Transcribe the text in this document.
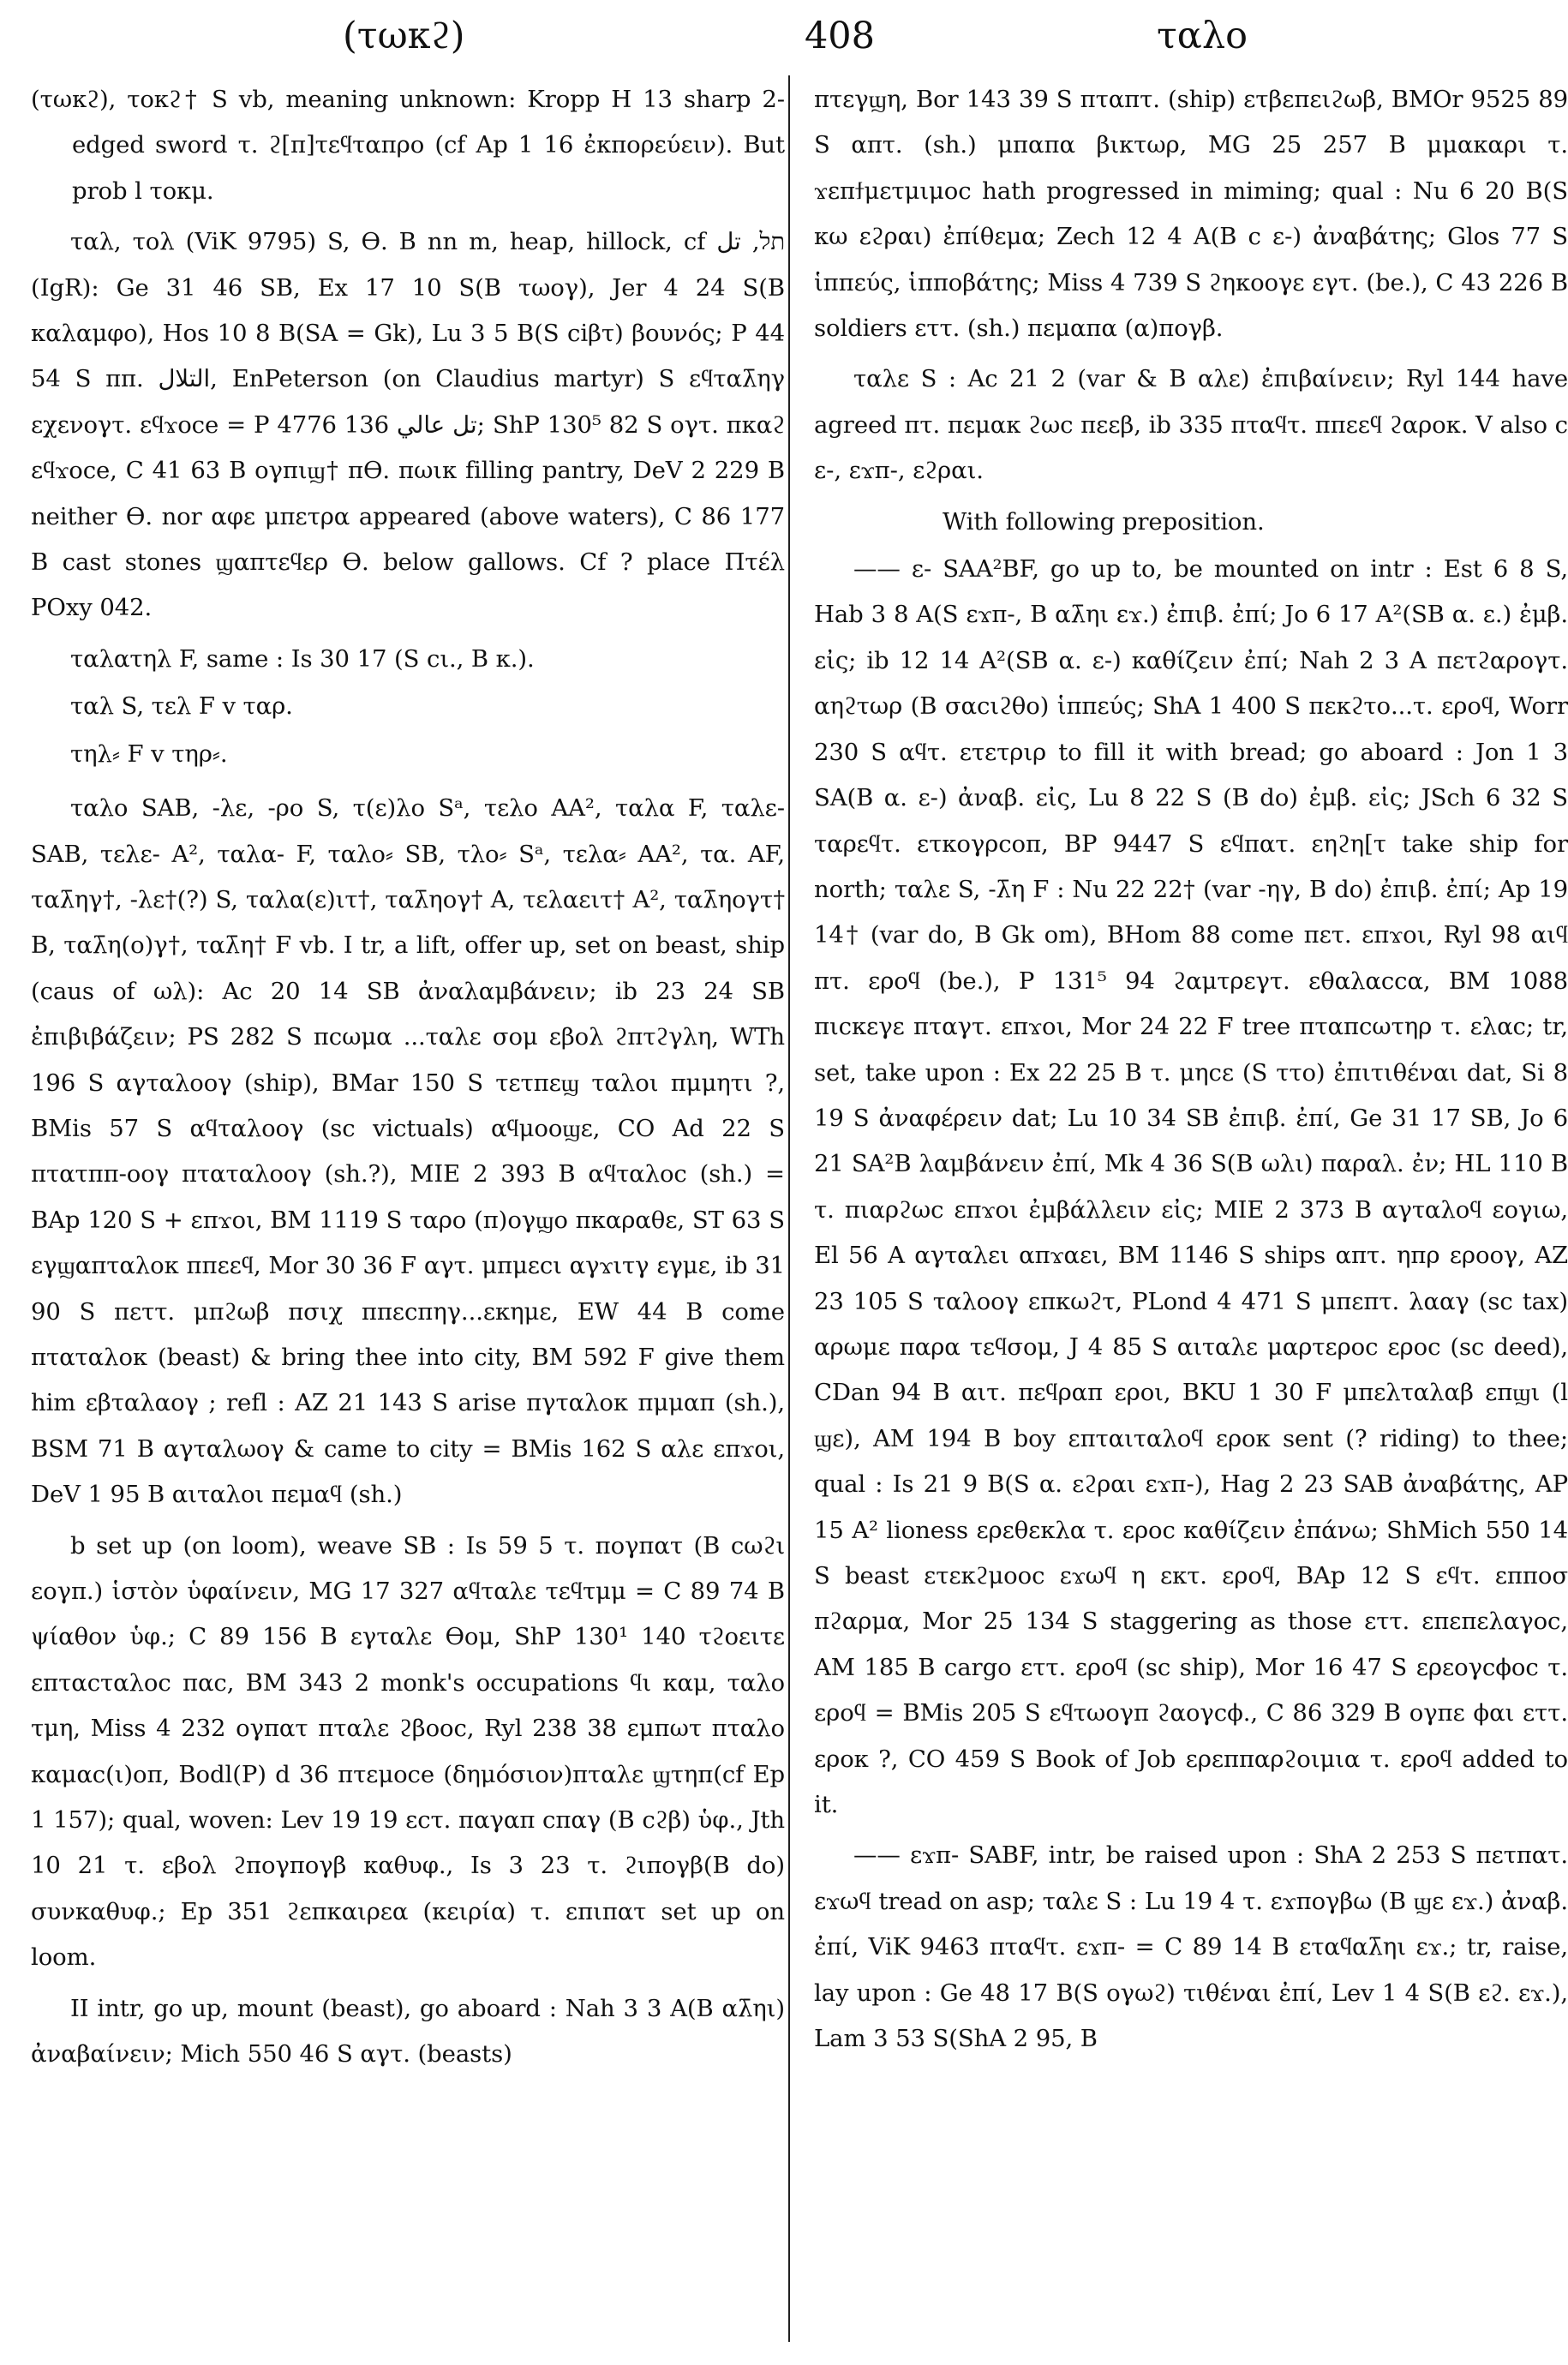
(τωκϩ)	408	ταλο

(τωκϩ), τοκϩ† S vb, meaning unknown: Kropp H 13 sharp 2-edged sword τ. ϩ[π]τεϥταπρο (cf Ap 1 16 ἐκπορεύειν). But prob l τοκμ.

ταλ, τολ (ViK 9795) S, ϴ. B nn m, heap, hillock, cf תל, تل (IgR): Ge 31 46 SB, Ex 17 10 S(B τωογ), Jer 4 24 S(B καλαμφο), Hos 10 8 B(SA = Gk), Lu 3 5 B(S ciβτ) βουνός; P 44 54 S ππ. التلال, EnPeterson (on Claudius martyr) S εϥταλ̄ηγ εχενογτ. εϥϫοce = P 4776 136 تل عالي; ShP 130⁵ 82 S ογτ. πκαϩ εϥϫοce, C 41 63 B ογπιϣ† πϴ. πωικ filling pantry, DeV 2 229 B neither ϴ. nor αφε μπετρα appeared (above waters), C 86 177 B cast stones ϣαπτεϥερ ϴ. below gallows. Cf ? place Πτέλ POxy 042.

ταλατηλ F, same : Is 30 17 (S cι., B κ.).

ταλ S, τελ F v ταρ.

τηλ⸗ F v τηρ⸗.

ταλο SAB, -λε, -ρο S, τ(ε)λο Sᵃ, τελο AA², ταλα F, ταλε- SAB, τελε- A², ταλα- F, ταλο⸗ SB, τλο⸗ Sᵃ, τελα⸗ AA², τα. AF, ταλ̄ηγ†, -λε†(?) S, ταλα(ε)ιτ†, ταλ̄ηογ† A, τελαειτ† A², ταλ̄ηογτ† B, ταλ̄η(ο)γ†, ταλ̄η† F vb. I tr, a lift, offer up, set on beast, ship (caus of ωλ): Ac 20 14 SB ἀναλαμβάνειν; ib 23 24 SB ἐπιβιβάζειν; PS 282 S πcωμα ...ταλε σομ εβολ ϩπτϩγλη, WTh 196 S αγταλοογ (ship), BMar 150 S τετπεϣ ταλοι πμμητι ?, BMis 57 S αϥταλοογ (sc victuals) αϥμοοϣε, CO Ad 22 S πτατππ-οογ πταταλοογ (sh.?), MIE 2 393 B αϥταλοc (sh.) = BAp 120 S + επϫοι, BM 1119 S ταρο (π)ογϣο πκαραθε, ST 63 S εγϣαπταλοκ ππεεϥ, Mor 30 36 F αγτ. μπμεcι αγϫιτγ εγμε, ib 31 90 S πεττ. μπϩωβ πσιχ ππεcπηγ...εκημε, EW 44 B come πταταλοκ (beast) & bring thee into city, BM 592 F give them him εβταλαογ ; refl : AZ 21 143 S arise πγταλοκ πμμαπ (sh.), BSM 71 B αγταλωογ & came to city = BMis 162 S αλε επϫοι, DeV 1 95 B αιταλοι πεμαϥ (sh.)

b set up (on loom), weave SB : Is 59 5 τ. πογπατ (B cωϩι εογπ.) ἱστὸν ὑφαίνειν, MG 17 327 αϥταλε τεϥτμμ = C 89 74 B ψίαθον ὑφ.; C 89 156 B εγταλε ϴομ, ShP 130¹ 140 τϩοειτε επταcταλοc παc, BM 343 2 monk's occupations ϥι καμ, ταλο τμη, Miss 4 232 ογπατ πταλε ϩβοοc, Ryl 238 38 εμπωτ πταλο καμαc(ι)οπ, Bodl(P) d 36 πτεμοce (δημόσιον)πταλε ϣτηπ(cf Ep 1 157); qual, woven: Lev 19 19 εcτ. παγαπ cπαγ (B cϩβ) ὑφ., Jth 10 21 τ. εβολ ϩπογπογβ καθυφ., Is 3 23 τ. ϩιπογβ(B do) συνκαθυφ.; Ep 351 ϩεπκαιρεα (κειρία) τ. επιπατ set up on loom.

II intr, go up, mount (beast), go aboard : Nah 3 3 A(B αλ̄ηι) ἀναβαίνειν; Mich 550 46 S αγτ. (beasts)

πτεγϣη, Bor 143 39 S πταπτ. (ship) ετβεπειϩωβ, BMOr 9525 89 S απτ. (sh.) μπαπα βικτωρ, MG 25 257 B μμακαρι τ. ϫεπϯμετμιμοc hath progressed in miming; qual : Nu 6 20 B(S κω εϩραι) ἐπίθεμα; Zech 12 4 A(B c ε-) ἀναβάτης; Glos 77 S ἱππεύς, ἱπποβάτης; Miss 4 739 S ϩηκοογε εγτ. (be.), C 43 226 B soldiers εττ. (sh.) πεμαπα (α)πογβ.

ταλε S : Ac 21 2 (var & B αλε) ἐπιβαίνειν; Ryl 144 have agreed πτ. πεμακ ϩωc πεεβ, ib 335 πταϥτ. ππεεϥ ϩαροκ. V also c ε-, εϫπ-, εϩραι.

With following preposition.

—— ε- SAA²BF, go up to, be mounted on intr : Est 6 8 S, Hab 3 8 A(S εϫπ-, B αλ̄ηι εϫ.) ἐπιβ. ἐπί; Jo 6 17 A²(SB α. ε.) ἐμβ. εἰς; ib 12 14 A²(SB α. ε-) καθίζειν ἐπί; Nah 2 3 A πετϩαρογτ. αηϩτωρ (B σαcιϩθο) ἱππεύς; ShA 1 400 S πεκϩτο...τ. εροϥ, Worr 230 S αϥτ. ετετριρ to fill it with bread; go aboard : Jon 1 3 SA(B α. ε-) ἀναβ. εἰς, Lu 8 22 S (B do) ἐμβ. εἰς; JSch 6 32 S ταρεϥτ. ετκογρcοπ, BP 9447 S εϥπατ. εηϩη[τ take ship for north; ταλε S, -λ̄η F : Nu 22 22† (var -ηγ, B do) ἐπιβ. ἐπί; Ap 19 14† (var do, B Gk om), BHom 88 come πετ. επϫοι, Ryl 98 αιϥ πτ. εροϥ (be.), P 131⁵ 94 ϩαμτρεγτ. εθαλαccα, BM 1088 πιcκεγε πταγτ. επϫοι, Mor 24 22 F tree πταπcωτηρ τ. ελαc; tr, set, take upon : Ex 22 25 B τ. μηcε (S ττο) ἐπιτιθέναι dat, Si 8 19 S ἀναφέρειν dat; Lu 10 34 SB ἐπιβ. ἐπί, Ge 31 17 SB, Jo 6 21 SA²B λαμβάνειν ἐπί, Mk 4 36 S(B ωλι) παραλ. ἐν; HL 110 B τ. πιαρϩωc επϫοι ἐμβάλλειν εἰς; MIE 2 373 B αγταλοϥ εογιω, El 56 A αγταλει απϫαει, BM 1146 S ships απτ. ηπρ εροογ, AZ 23 105 S ταλοογ επκωϩτ, PLond 4 471 S μπεπτ. λααγ (sc tax) αρωμε παρα τεϥσομ, J 4 85 S αιταλε μαρτεροc εροc (sc deed), CDan 94 B αιτ. πεϥραπ εροι, BKU 1 30 F μπελταλαβ επϣι (l ϣε), AM 194 B boy επταιταλοϥ εροκ sent (? riding) to thee; qual : Is 21 9 B(S α. εϩραι εϫπ-), Hag 2 23 SAB ἀναβάτης, AP 15 A² lioness ερεθεκλα τ. εροc καθίζειν ἐπάνω; ShMich 550 14 S beast ετεκϩμοοc εϫωϥ η εκτ. εροϥ, BAp 12 S εϥτ. επποσ πϩαρμα, Mor 25 134 S staggering as those εττ. επεπελαγοc, AM 185 B cargo εττ. εροϥ (sc ship), Mor 16 47 S ερεογcϕοc τ. εροϥ = BMis 205 S εϥτωογπ ϩαογcϕ., C 86 329 B ογπε ϕαι εττ. εροκ ?, CO 459 S Book of Job ερεππαρϩοιμια τ. εροϥ added to it.

—— εϫπ- SABF, intr, be raised upon : ShA 2 253 S πετπατ. εϫωϥ tread on asp; ταλε S : Lu 19 4 τ. εϫπογβω (B ϣε εϫ.) ἀναβ. ἐπί, ViK 9463 πταϥτ. εϫπ- = C 89 14 B εταϥαλ̄ηι εϫ.; tr, raise, lay upon : Ge 48 17 B(S ογωϩ) τιθέναι ἐπί, Lev 1 4 S(B εϩ. εϫ.), Lam 3 53 S(ShA 2 95, B
